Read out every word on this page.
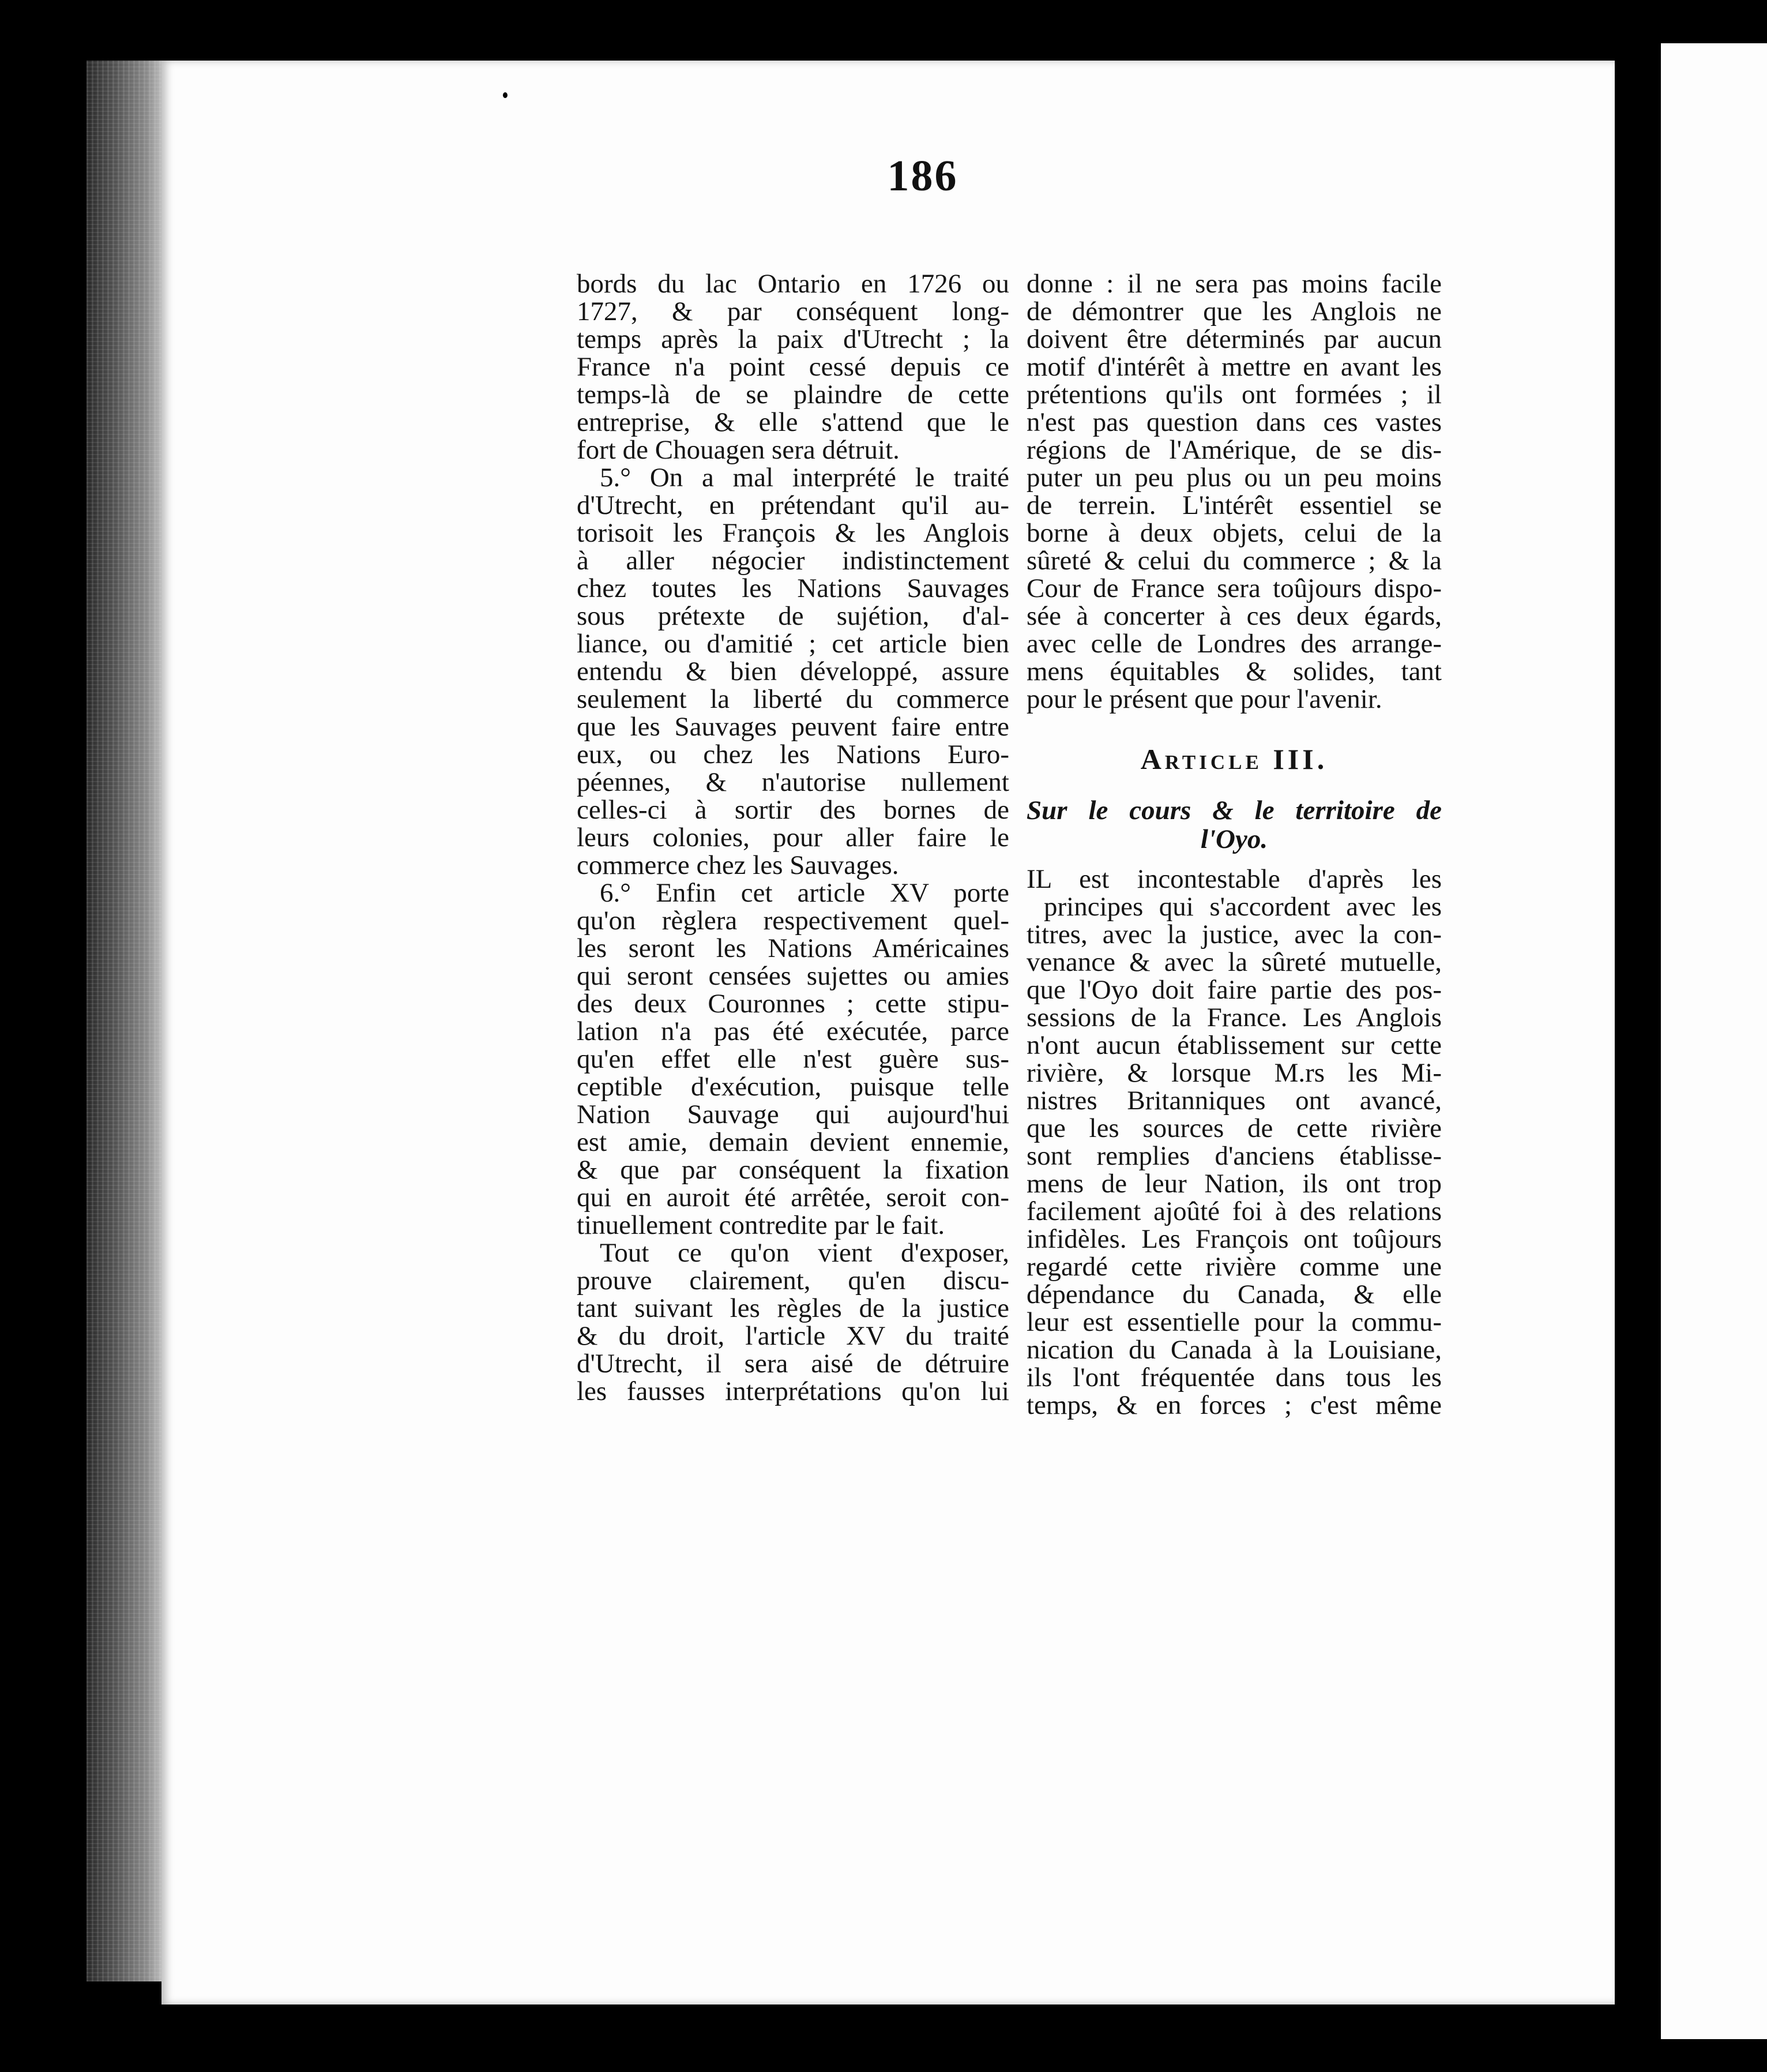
186
bords du lac Ontario en 1726 ou
1727, & par conséquent long-
temps après la paix d'Utrecht ; la
France n'a point cessé depuis ce
temps-là de se plaindre de cette
entreprise, & elle s'attend que le
fort de Chouagen sera détruit.
5.° On a mal interprété le traité
d'Utrecht, en prétendant qu'il au-
torisoit les François & les Anglois
à aller négocier indistinctement
chez toutes les Nations Sauvages
sous prétexte de sujétion, d'al-
liance, ou d'amitié ; cet article bien
entendu & bien développé, assure
seulement la liberté du commerce
que les Sauvages peuvent faire entre
eux, ou chez les Nations Euro-
péennes, & n'autorise nullement
celles-ci à sortir des bornes de
leurs colonies, pour aller faire le
commerce chez les Sauvages.
6.° Enfin cet article XV porte
qu'on règlera respectivement quel-
les seront les Nations Américaines
qui seront censées sujettes ou amies
des deux Couronnes ; cette stipu-
lation n'a pas été exécutée, parce
qu'en effet elle n'est guère sus-
ceptible d'exécution, puisque telle
Nation Sauvage qui aujourd'hui
est amie, demain devient ennemie,
& que par conséquent la fixation
qui en auroit été arrêtée, seroit con-
tinuellement contredite par le fait.
Tout ce qu'on vient d'exposer,
prouve clairement, qu'en discu-
tant suivant les règles de la justice
& du droit, l'article XV du traité
d'Utrecht, il sera aisé de détruire
les fausses interprétations qu'on lui
donne : il ne sera pas moins facile
de démontrer que les Anglois ne
doivent être déterminés par aucun
motif d'intérêt à mettre en avant les
prétentions qu'ils ont formées ; il
n'est pas question dans ces vastes
régions de l'Amérique, de se dis-
puter un peu plus ou un peu moins
de terrein. L'intérêt essentiel se
borne à deux objets, celui de la
sûreté & celui du commerce ; & la
Cour de France sera toûjours dispo-
sée à concerter à ces deux égards,
avec celle de Londres des arrange-
mens équitables & solides, tant
pour le présent que pour l'avenir.
Article III.
Sur le cours & le territoire de
l'Oyo.
IL est incontestable d'après les
principes qui s'accordent avec les
titres, avec la justice, avec la con-
venance & avec la sûreté mutuelle,
que l'Oyo doit faire partie des pos-
sessions de la France. Les Anglois
n'ont aucun établissement sur cette
rivière, & lorsque M.rs les Mi-
nistres Britanniques ont avancé,
que les sources de cette rivière
sont remplies d'anciens établisse-
mens de leur Nation, ils ont trop
facilement ajoûté foi à des relations
infidèles. Les François ont toûjours
regardé cette rivière comme une
dépendance du Canada, & elle
leur est essentielle pour la commu-
nication du Canada à la Louisiane,
ils l'ont fréquentée dans tous les
temps, & en forces ; c'est même
